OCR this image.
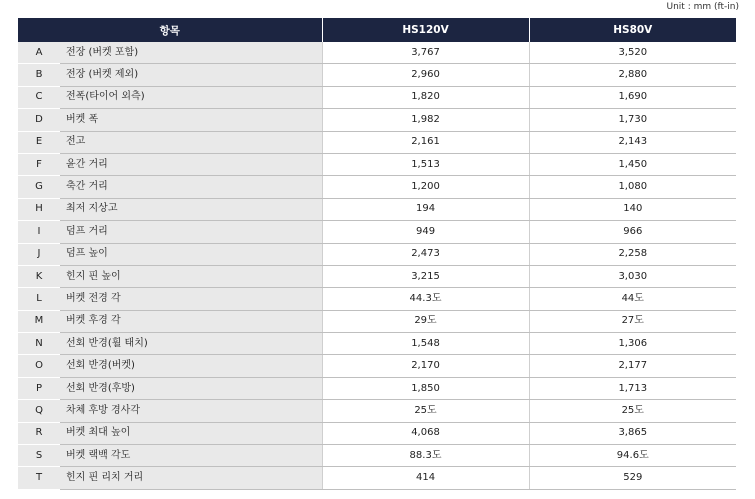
Unit : mm (ft-in)
항목		HS120V	HS80V
A	전장 (버켓 포함)	3,767	3,520
B	전장 (버켓 제외)	2,960	2,880
C	전폭(타이어 외측)	1,820	1,690
D	버켓 폭	1,982	1,730
E	전고	2,161	2,143
F	윤간 거리	1,513	1,450
G	축간 거리	1,200	1,080
H	최저 지상고	194	140
I	덤프 거리	949	966
J	덤프 높이	2,473	2,258
K	힌지 핀 높이	3,215	3,030
L	버켓 전경 각	44.3도	44도
M	버켓 후경 각	29도	27도
N	선회 반경(휠 태치)	1,548	1,306
O	선회 반경(버켓)	2,170	2,177
P	선회 반경(후방)	1,850	1,713
Q	차체 후방 경사각	25도	25도
R	버켓 최대 높이	4,068	3,865
S	버켓 랙백 각도	88.3도	94.6도
T	힌지 핀 리치 거리	414	529
